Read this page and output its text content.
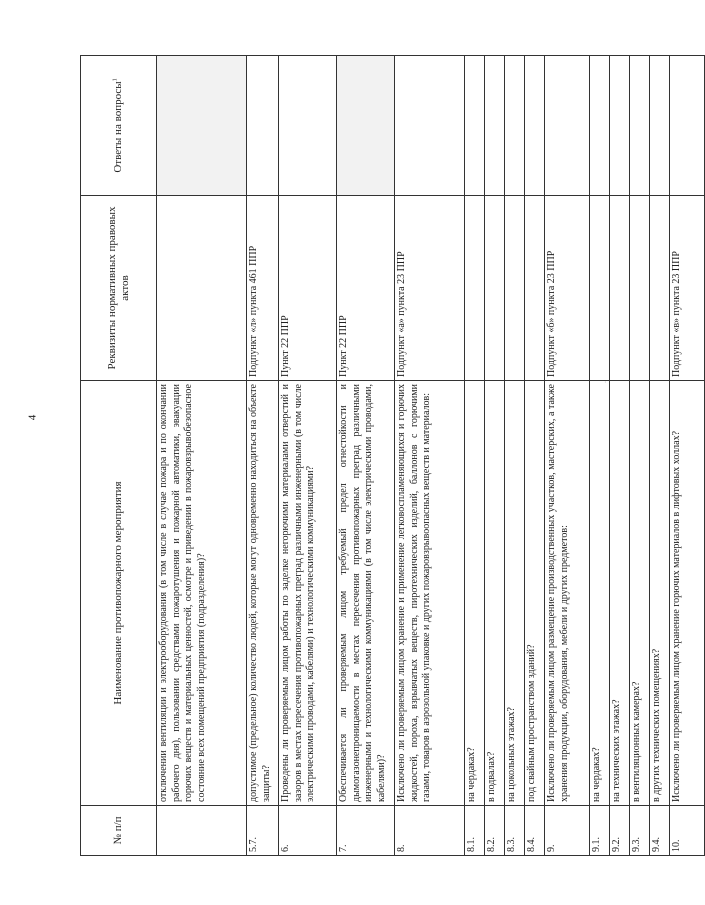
4
№ п/п	Наименование противопожарного мероприятия	Реквизиты нормативных правовых актов	Ответы на вопросы$^1$
	отключении вентиляции и электрооборудования (в том числе в случае пожара и по окончании рабочего дня), пользовании средствами пожаротушения и пожарной автоматики, эвакуации горючих веществ и материальных ценностей, осмотре и приведении в пожаровзрывобезопасное состояние всех помещений предприятия (подразделения)?		
5.7.	допустимое (предельное) количество людей, которые могут одновременно находиться на объекте защиты?	Подпункт «л» пункта 461 ППР	
6.	Проведены ли проверяемым лицом работы по заделке негорючими материалами отверстий и зазоров в местах пересечения противопожарных преград различными инженерными (в том числе электрическими проводами, кабелями) и технологическими коммуникациями?	Пункт 22 ППР	
7.	Обеспечивается ли проверяемым лицом требуемый предел огнестойкости и дымогазонепроницаемости в местах пересечения противопожарных преград различными инженерными и технологическими коммуникациями (в том числе электрическими проводами, кабелями)?	Пункт 22 ППР	
8.	Исключено ли проверяемым лицом хранение и применение легковоспламеняющихся и горючих жидкостей, пороха, взрывчатых веществ, пиротехнических изделий, баллонов с горючими газами, товаров в аэрозольной упаковке и других пожаровзрывоопасных веществ и материалов:	Подпункт «а» пункта 23 ППР	
8.1.	на чердаках?		
8.2.	в подвалах?		
8.3.	на цокольных этажах?		
8.4.	под свайным пространством зданий?		
9.	Исключено ли проверяемым лицом размещение производственных участков, мастерских, а также хранения продукции, оборудования, мебели и других предметов:	Подпункт «б» пункта 23 ППР	
9.1.	на чердаках?		
9.2.	на технических этажах?		
9.3.	в вентиляционных камерах?		
9.4.	в других технических помещениях?		
10.	Исключено ли проверяемым лицом хранение горючих материалов в лифтовых холлах?	Подпункт «в» пункта 23 ППР	
·
